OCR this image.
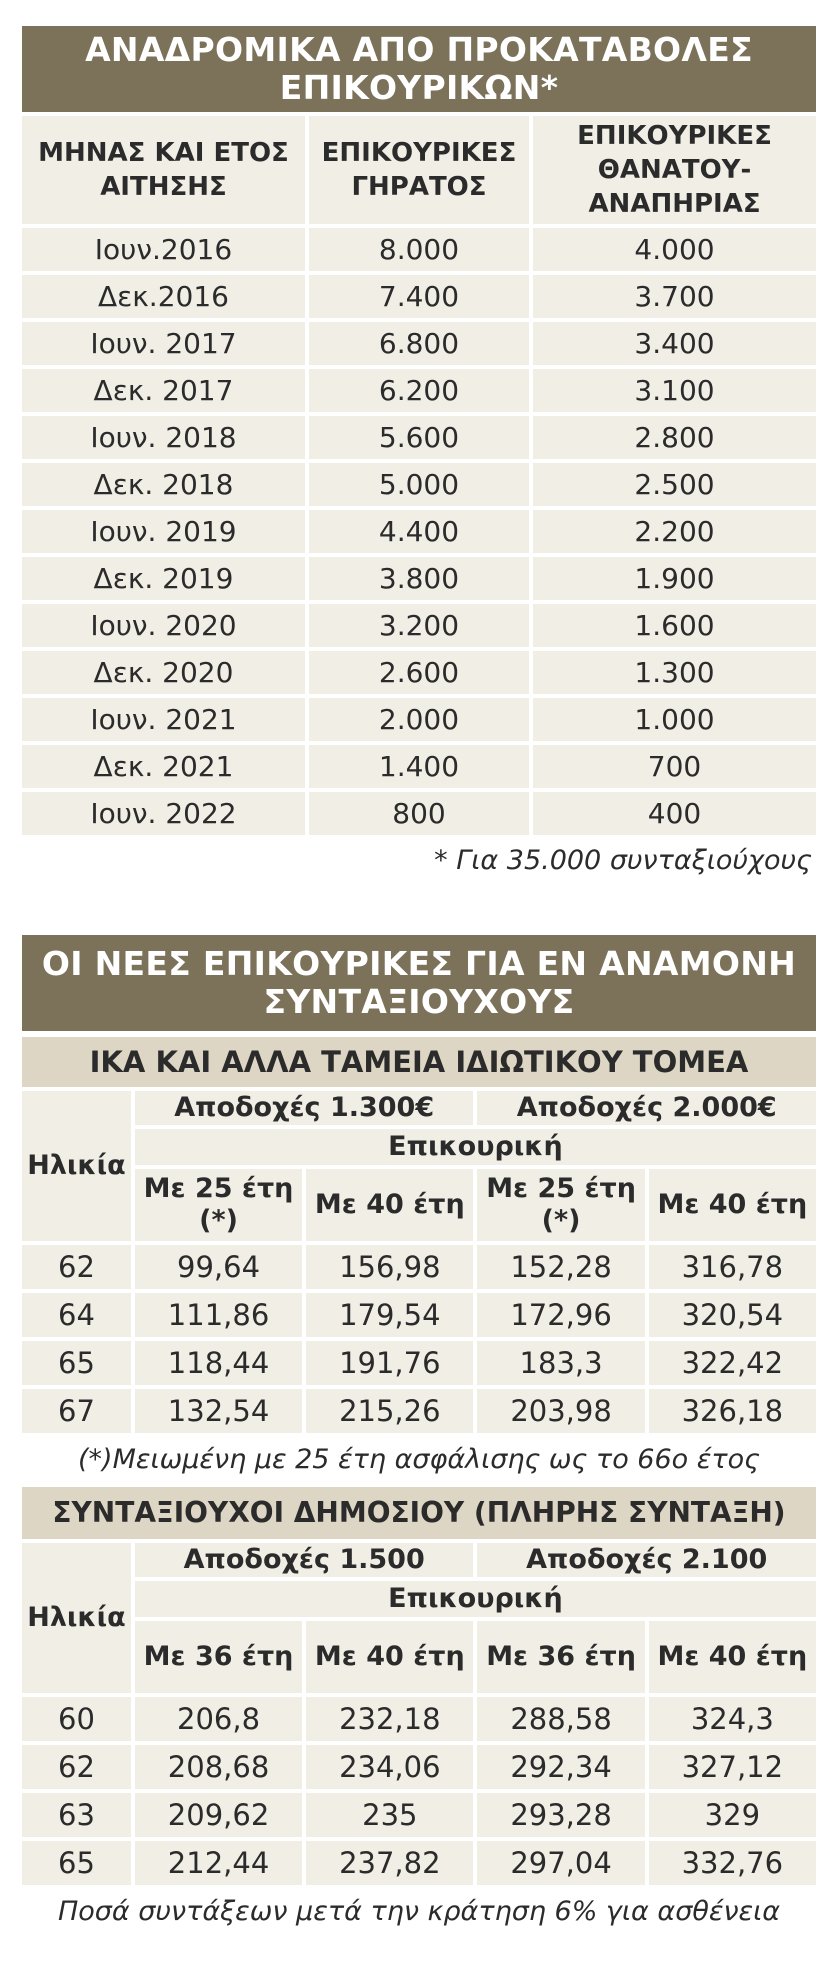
ΑΝΑΔΡΟΜΙΚΑ ΑΠΟ ΠΡΟΚΑΤΑΒΟΛΕΣ
ΕΠΙΚΟΥΡΙΚΩΝ*
ΜΗΝΑΣ ΚΑΙ ΕΤΟΣ ΑΙΤΗΣΗΣ	ΕΠΙΚΟΥΡΙΚΕΣ ΓΗΡΑΤΟΣ	ΕΠΙΚΟΥΡΙΚΕΣ ΘΑΝΑΤΟΥ-ΑΝΑΠΗΡΙΑΣ
Ιουν.2016	8.000	4.000
Δεκ.2016	7.400	3.700
Ιουν. 2017	6.800	3.400
Δεκ. 2017	6.200	3.100
Ιουν. 2018	5.600	2.800
Δεκ. 2018	5.000	2.500
Ιουν. 2019	4.400	2.200
Δεκ. 2019	3.800	1.900
Ιουν. 2020	3.200	1.600
Δεκ. 2020	2.600	1.300
Ιουν. 2021	2.000	1.000
Δεκ. 2021	1.400	700
Ιουν. 2022	800	400
* Για 35.000 συνταξιούχους
ΟΙ ΝΕΕΣ ΕΠΙΚΟΥΡΙΚΕΣ ΓΙΑ ΕΝ ΑΝΑΜΟΝΗ
ΣΥΝΤΑΞΙΟΥΧΟΥΣ
ΙΚΑ ΚΑΙ ΑΛΛΑ ΤΑΜΕΙΑ ΙΔΙΩΤΙΚΟΥ ΤΟΜΕΑ
Ηλικία	Αποδοχές 1.300€		Αποδοχές 2.000€	
	Επικουρική			
	Με 25 έτη (*)	Με 40 έτη	Με 25 έτη (*)	Με 40 έτη
62	99,64	156,98	152,28	316,78
64	111,86	179,54	172,96	320,54
65	118,44	191,76	183,3	322,42
67	132,54	215,26	203,98	326,18
(*)Μειωμένη με 25 έτη ασφάλισης ως το 66ο έτος
ΣΥΝΤΑΞΙΟΥΧΟΙ ΔΗΜΟΣΙΟΥ (ΠΛΗΡΗΣ ΣΥΝΤΑΞΗ)
Ηλικία	Αποδοχές 1.500		Αποδοχές 2.100	
	Επικουρική			
	Με 36 έτη	Με 40 έτη	Με 36 έτη	Με 40 έτη
60	206,8	232,18	288,58	324,3
62	208,68	234,06	292,34	327,12
63	209,62	235	293,28	329
65	212,44	237,82	297,04	332,76
Ποσά συντάξεων μετά την κράτηση 6% για ασθένεια
